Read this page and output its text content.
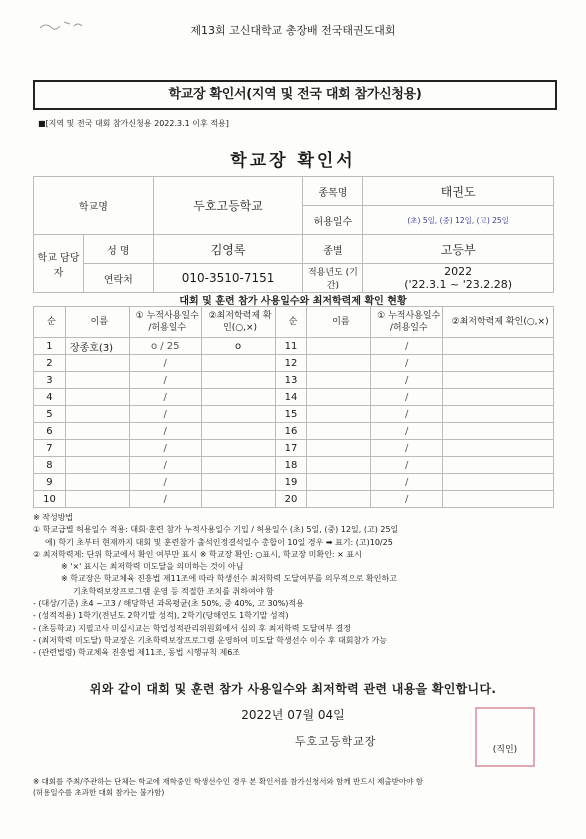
제13회 고신대학교 총장배 전국태권도대회
학교장 확인서(지역 및 전국 대회 참가신청용)
■[지역 및 전국 대회 참가신청용 2022.3.1 이후 적용]
학교장 확인서
학교명		두호고등학교	종목명	태권도
			허용일수	(초) 5일, (중) 12일, (고) 25일
학교 담당자	성 명	김영록	종별	고등부
	연락처	010-3510-7151	적용년도 (기간)	2022
('22.3.1 ~ '23.2.28)
대회 및 훈련 참가 사용일수와 최저학력제 확인 현황
순	이름	① 누적사용일수 /허용일수	②최저학력제 확인(○,×)	순	이름	① 누적사용일수 /허용일수	②최저학력제 확인(○,×)
1	장종호(3)	o / 25	o	11		/	
2		/		12		/	
3		/		13		/	
4		/		14		/	
5		/		15		/	
6		/		16		/	
7		/		17		/	
8		/		18		/	
9		/		19		/	
10		/		20		/	
※ 작성방법
① 학교급별 허용일수 적용: 대회·훈련 참가 누적사용일수 기입 / 허용일수 (초) 5일, (중) 12일, (고) 25일
에) 학기 초부터 현재까지 대회 및 훈련참가 출석인정결석일수 총합이 10일 경우 ➡ 표기: (고)10/25
② 최저학력제: 단위 학교에서 확인 여부만 표시 ※ 학교장 확인: ○표시, 학교장 미확인: × 표시
※ '×' 표시는 최저학력 미도달을 의미하는 것이 아님
※ 학교장은 학교체육 진흥법 제11조에 따라 학생선수 최저학력 도달여부를 의무적으로 확인하고
기초학력보장프로그램 운영 등 적절한 조치를 취하여야 함
- (대상/기준) 초4 ~고3 / 해당학년 과목평균(초 50%, 중 40%, 고 30%)적용
- (성적적용) 1학기(전년도 2학기말 성적), 2학기(당해연도 1학기말 성적)
- (초등학교) 지필고사 미실시교는 학업성적관리위원회에서 심의 후 최저학력 도달여부 결정
- (최저학력 미도달) 학교장은 기초학력보장프로그램 운영하여 미도달 학생선수 이수 후 대회참가 가능
- (관련법령) 학교체육 진흥법 제11조, 동법 시행규칙 제6조
위와 같이 대회 및 훈련 참가 사용일수와 최저학력 관련 내용을 확인합니다.
2022년 07월 04일
두호고등학교장
(직인)
※ 대회를 주최/주관하는 단체는 학교에 재학중인 학생선수인 경우 본 확인서를 참가신청서와 함께 반드시 제출받아야 함
(허용일수를 초과한 대회 참가는 불가함)
